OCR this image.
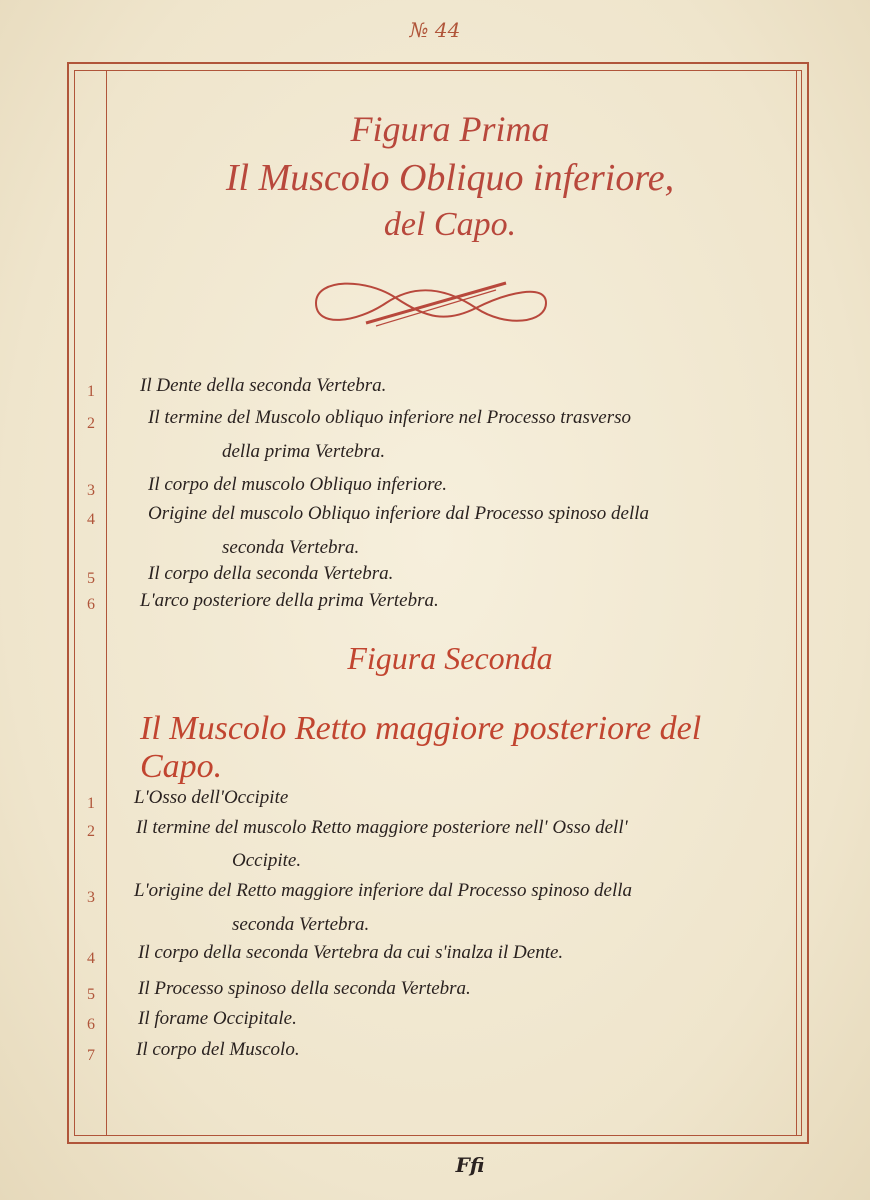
№ 44
Figura Prima
Il Muscolo Obliquo inferiore,
del Capo.
1	Il Dente della seconda Vertebra.
2	Il termine del Muscolo obliquo inferiore nel Processo trasverso
della prima Vertebra.
3	Il corpo del muscolo Obliquo inferiore.
4	Origine del muscolo Obliquo inferiore dal Processo spinoso della
seconda Vertebra.
5	Il corpo della seconda Vertebra.
6	L'arco posteriore della prima Vertebra.
Figura Seconda
Il Muscolo Retto maggiore posteriore del Capo.
1	L'Osso dell'Occipite
2	Il termine del muscolo Retto maggiore posteriore nell' Osso dell'
Occipite.
3	L'origine del Retto maggiore inferiore dal Processo spinoso della
seconda Vertebra.
4	Il corpo della seconda Vertebra da cui s'inalza il Dente.
5	Il Processo spinoso della seconda Vertebra.
6	Il forame Occipitale.
7	Il corpo del Muscolo.
Ffi
